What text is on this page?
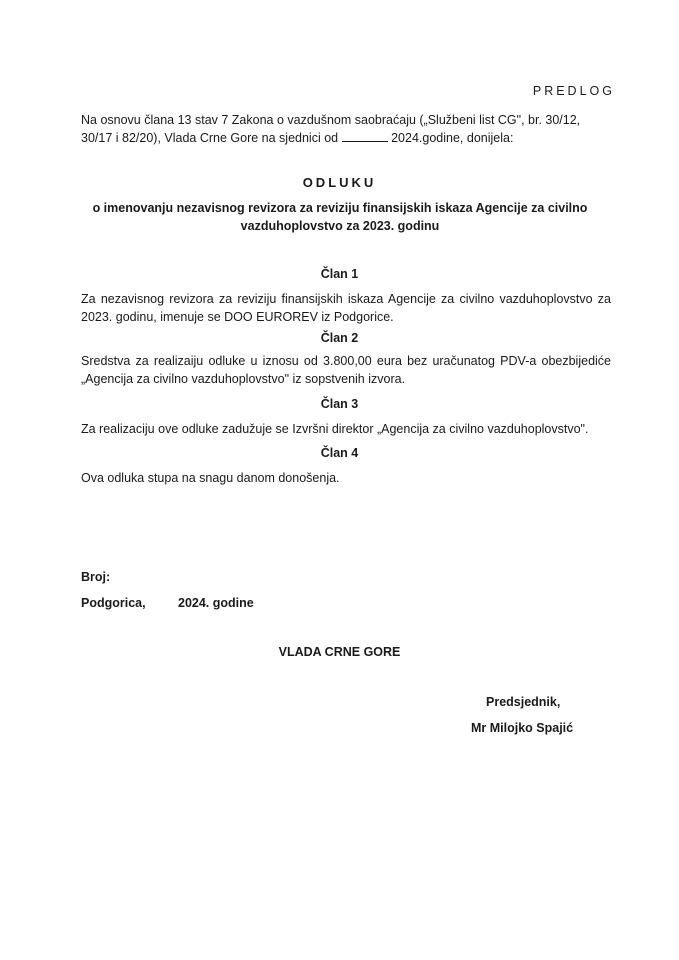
PREDLOG
Na osnovu člana 13 stav 7 Zakona o vazdušnom saobraćaju („Službeni list CG", br. 30/12, 30/17 i 82/20), Vlada Crne Gore na sjednici od	2024.godine, donijela:
ODLUKU
o imenovanju nezavisnog revizora za reviziju finansijskih iskaza Agencije za civilno vazduhoplovstvo za 2023. godinu
Član 1
Za nezavisnog revizora za reviziju finansijskih iskaza Agencije za civilno vazduhoplovstvo za 2023. godinu, imenuje se DOO EUROREV iz Podgorice.
Član 2
Sredstva za realizaiju odluke u iznosu od 3.800,00 eura bez uračunatog PDV-a obezbijediće „Agencija za civilno vazduhoplovstvo" iz sopstvenih izvora.
Član 3
Za realizaciju ove odluke zadužuje se Izvršni direktor „Agencija za civilno vazduhoplovstvo".
Član 4
Ova odluka stupa na snagu danom donošenja.
Broj:
Podgorica,	2024. godine
VLADA CRNE GORE
Predsjednik,
Mr Milojko Spajić
